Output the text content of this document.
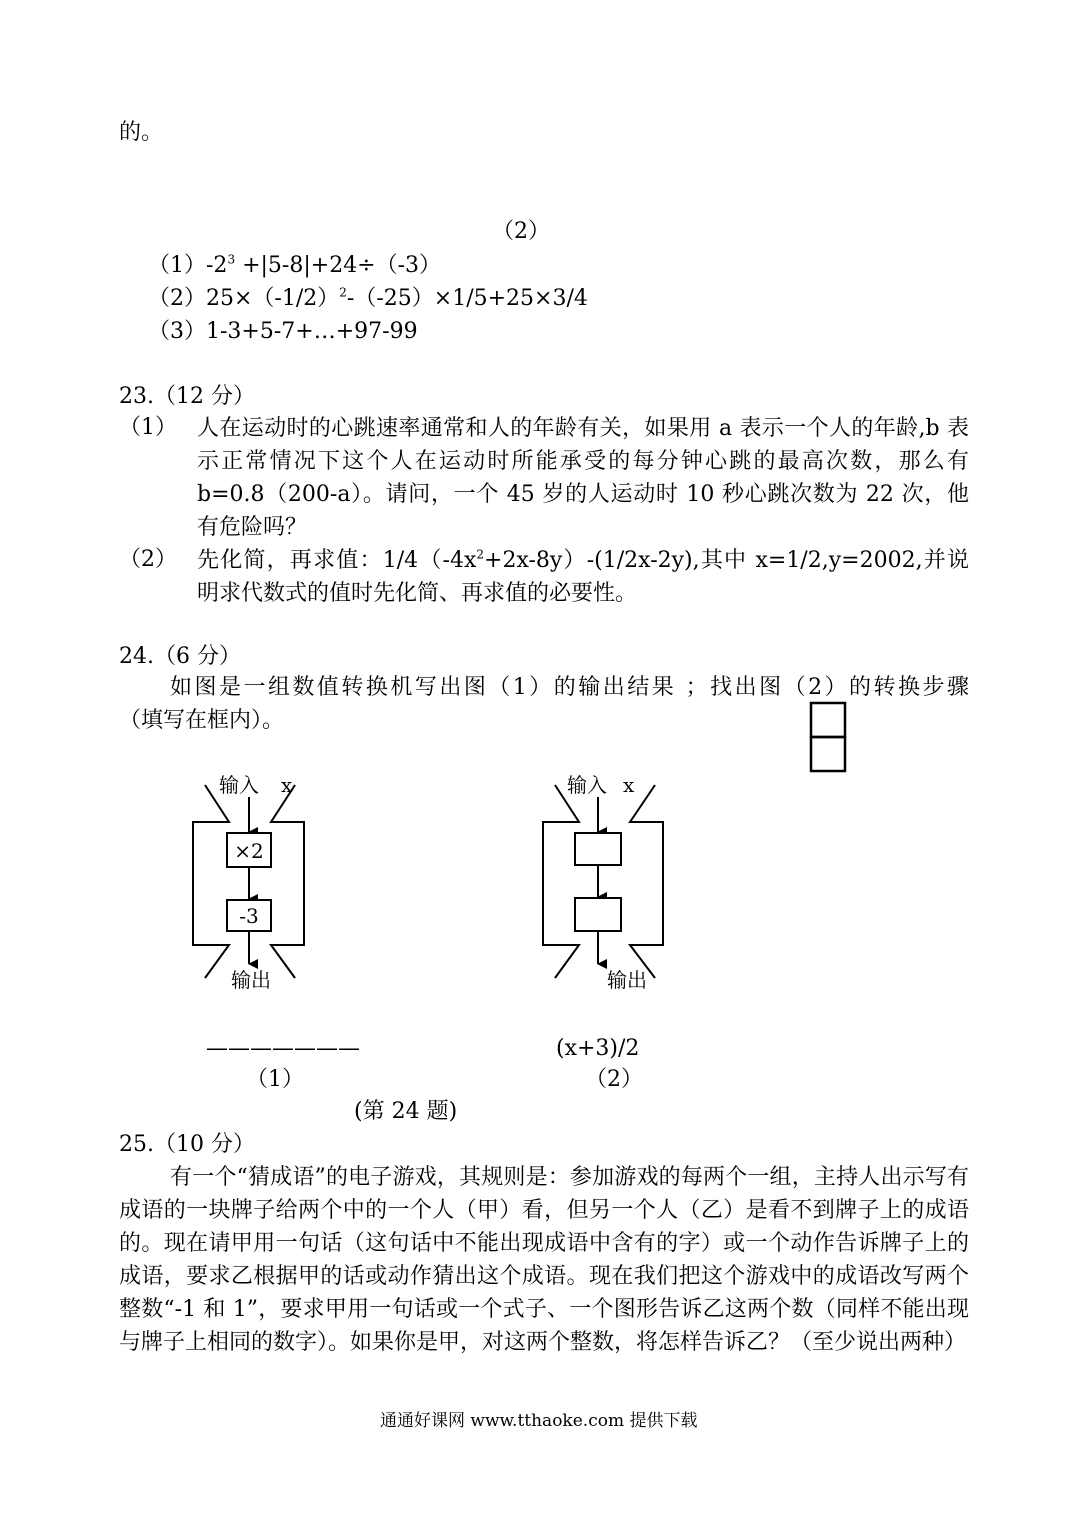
的。
（2）
$(1)-2^3 +|5-8|+24\div(-3)$
$(2)25\times(-1/2)^2-(-25)\times 1/5+25\times 3/4$
（3）1-3+5-7+…+97-99
23.（12 分）
（1） 人在运动时的心跳速率通常和人的年龄有关，如果用 a 表示一个人的年龄,b 表示正常情况下这个人在运动时所能承受的每分钟心跳的最高次数，那么有 b=0.8（200-a）。请问，一个 45 岁的人运动时 10 秒心跳次数为 22 次，他有危险吗？
（2） 先化简，再求值：$1/4(-4x^2+2x-8y)-(1/2x-2y)$,其中 x=1/2,y=2002,并说明求代数式的值时先化简、再求值的必要性。
24.（6 分）
如图是一组数值转换机写出图（1）的输出结果 ；找出图（2）的转换步骤
（填写在框内）。
输入 x
×2
-3
输出
输入 x
输出
———————	(x+3)/2
（1）	（2）
(第 24 题)
25.（10 分）
有一个“猜成语”的电子游戏，其规则是：参加游戏的每两个一组，主持人出示写有成语的一块牌子给两个中的一个人（甲）看，但另一个人（乙）是看不到牌子上的成语的。现在请甲用一句话（这句话中不能出现成语中含有的字）或一个动作告诉牌子上的成语，要求乙根据甲的话或动作猜出这个成语。现在我们把这个游戏中的成语改写两个整数“-1 和 1”，要求甲用一句话或一个式子、一个图形告诉乙这两个数（同样不能出现与牌子上相同的数字）。如果你是甲，对这两个整数，将怎样告诉乙？（至少说出两种）
通通好课网 www.tthaoke.com 提供下载
